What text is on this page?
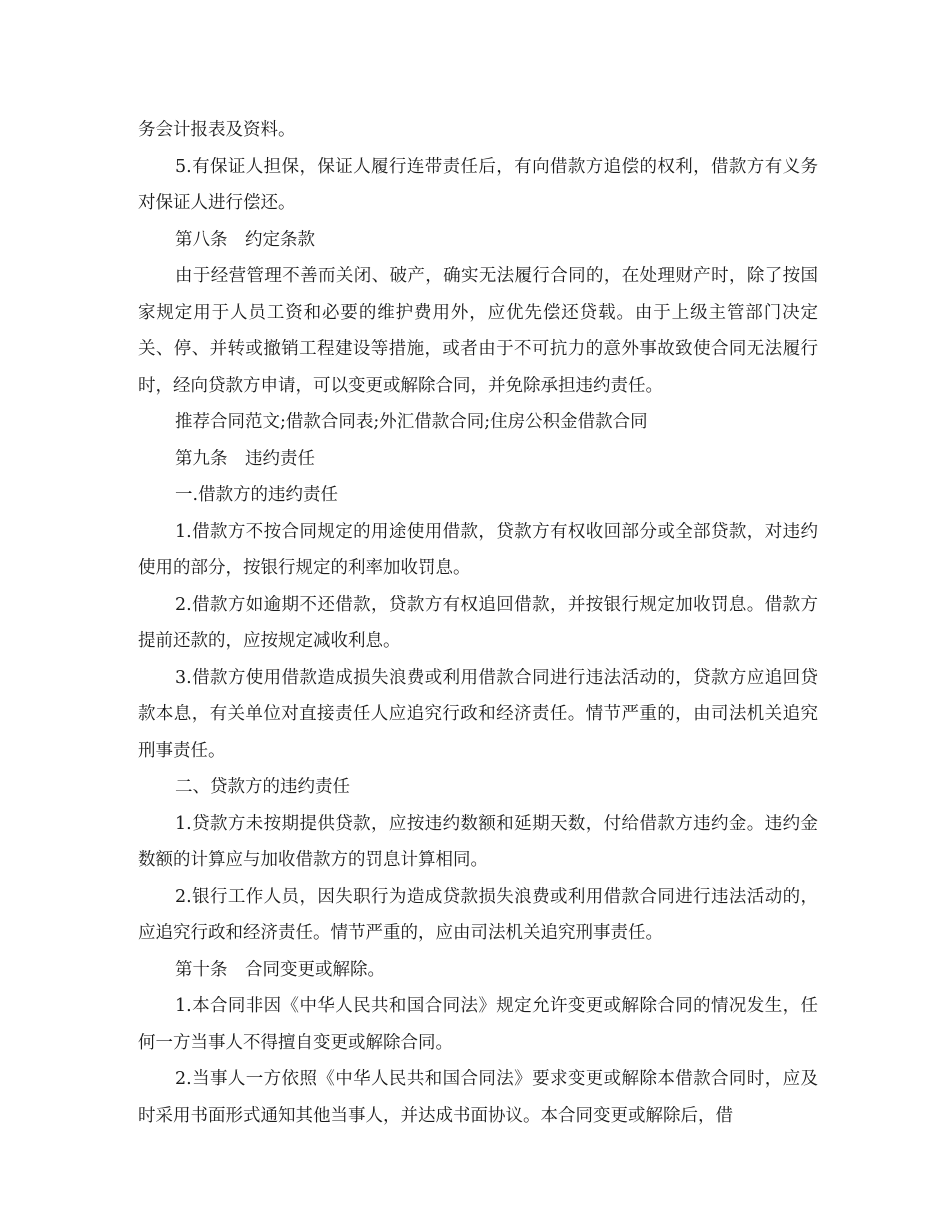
务会计报表及资料。

5.有保证人担保，保证人履行连带责任后，有向借款方追偿的权利，借款方有义务对保证人进行偿还。

第八条　约定条款

由于经营管理不善而关闭、破产，确实无法履行合同的，在处理财产时，除了按国家规定用于人员工资和必要的维护费用外，应优先偿还贷载。由于上级主管部门决定关、停、并转或撤销工程建设等措施，或者由于不可抗力的意外事故致使合同无法履行时，经向贷款方申请，可以变更或解除合同，并免除承担违约责任。

推荐合同范文;借款合同表;外汇借款合同;住房公积金借款合同

第九条　违约责任

一.借款方的违约责任

1.借款方不按合同规定的用途使用借款，贷款方有权收回部分或全部贷款，对违约使用的部分，按银行规定的利率加收罚息。

2.借款方如逾期不还借款，贷款方有权追回借款，并按银行规定加收罚息。借款方提前还款的，应按规定减收利息。

3.借款方使用借款造成损失浪费或利用借款合同进行违法活动的，贷款方应追回贷款本息，有关单位对直接责任人应追究行政和经济责任。情节严重的，由司法机关追究刑事责任。

二、贷款方的违约责任

1.贷款方未按期提供贷款，应按违约数额和延期天数，付给借款方违约金。违约金数额的计算应与加收借款方的罚息计算相同。

2.银行工作人员，因失职行为造成贷款损失浪费或利用借款合同进行违法活动的，应追究行政和经济责任。情节严重的，应由司法机关追究刑事责任。

第十条　合同变更或解除。

1.本合同非因《中华人民共和国合同法》规定允许变更或解除合同的情况发生，任何一方当事人不得擅自变更或解除合同。

2.当事人一方依照《中华人民共和国合同法》要求变更或解除本借款合同时，应及时采用书面形式通知其他当事人，并达成书面协议。本合同变更或解除后，借
